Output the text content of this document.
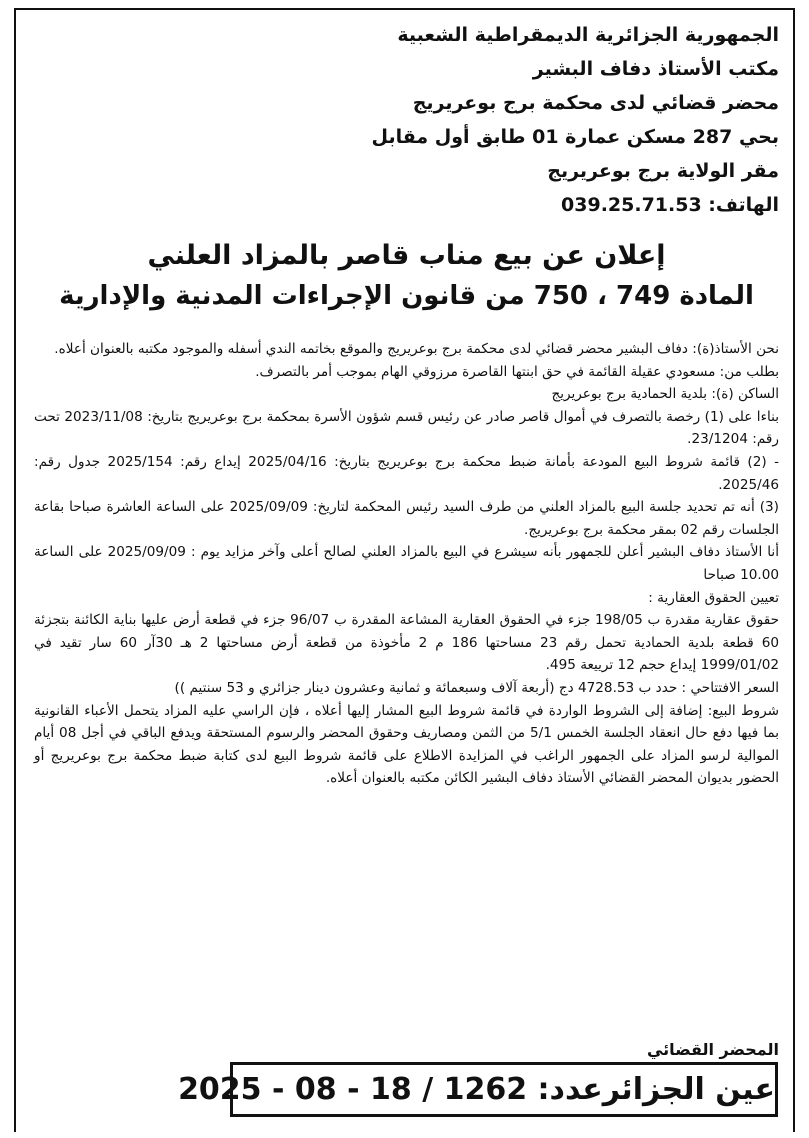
الجمهورية الجزائرية الديمقراطية الشعبية
مكتب الأستاذ دفاف البشير
محضر قضائي لدى محكمة برج بوعريريج
بحي 287 مسكن عمارة 01 طابق أول مقابل
مقر الولاية برج بوعريريج
الهاتف: 039.25.71.53
إعلان عن بيع مناب قاصر بالمزاد العلني
المادة 749 ، 750 من قانون الإجراءات المدنية والإدارية

نحن الأستاذ(ة): دفاف البشير محضر قضائي لدى محكمة برج بوعريريج والموقع بخاتمه الندي أسفله والموجود مكتبه بالعنوان أعلاه.

بطلب من: مسعودي عقيلة القائمة في حق ابنتها القاصرة مرزوقي الهام بموجب أمر بالتصرف.

الساكن (ة): بلدية الحمادية برج بوعريريج

بناءا على (1) رخصة بالتصرف في أموال قاصر صادر عن رئيس قسم شؤون الأسرة بمحكمة برج بوعريريج بتاريخ: 2023/11/08 تحت رقم: 23/1204.

- (2) قائمة شروط البيع المودعة بأمانة ضبط محكمة برج بوعريريج بتاريخ: 2025/04/16 إيداع رقم: 2025/154 جدول رقم: 2025/46.

(3) أنه تم تحديد جلسة البيع بالمزاد العلني من طرف السيد رئيس المحكمة لتاريخ: 2025/09/09 على الساعة العاشرة صباحا بقاعة الجلسات رقم 02 بمقر محكمة برج بوعريريج.

أنا الأستاذ دفاف البشير أعلن للجمهور بأنه سيشرع في البيع بالمزاد العلني لصالح أعلى وآخر مزايد يوم : 2025/09/09 على الساعة 10.00 صباحا

تعيين الحقوق العقارية :

حقوق عقارية مقدرة ب 198/05 جزء في الحقوق العقارية المشاعة المقدرة ب 96/07 جزء في قطعة أرض عليها بناية الكائنة بتجزئة 60 قطعة بلدية الحمادية تحمل رقم 23 مساحتها 186 م 2 مأخوذة من قطعة أرض مساحتها 2 هـ 30آر 60 سار تقيد في 1999/01/02 إيداع حجم 12 ترييعة 495.

السعر الافتتاحي : حدد ب 4728.53 دج (أربعة آلاف وسبعمائة و ثمانية وعشرون دينار جزائري و 53 سنتيم ))

شروط البيع: إضافة إلى الشروط الواردة في قائمة شروط البيع المشار إليها أعلاه ، فإن الراسي عليه المزاد يتحمل الأعباء القانونية بما فيها دفع حال انعقاد الجلسة الخمس 5/1 من الثمن ومصاريف وحقوق المحضر والرسوم المستحقة ويدفع الباقي في أجل 08 أيام الموالية لرسو المزاد على الجمهور الراغب في المزايدة الاطلاع على قائمة شروط البيع لدى كتابة ضبط محكمة برج بوعريريج أو الحضور بديوان المحضر القضائي الأستاذ دفاف البشير الكائن مكتبه بالعنوان أعلاه.

المحضر القضائي
عين الجزائرعدد: 1262 / 18 - 08 - 2025
